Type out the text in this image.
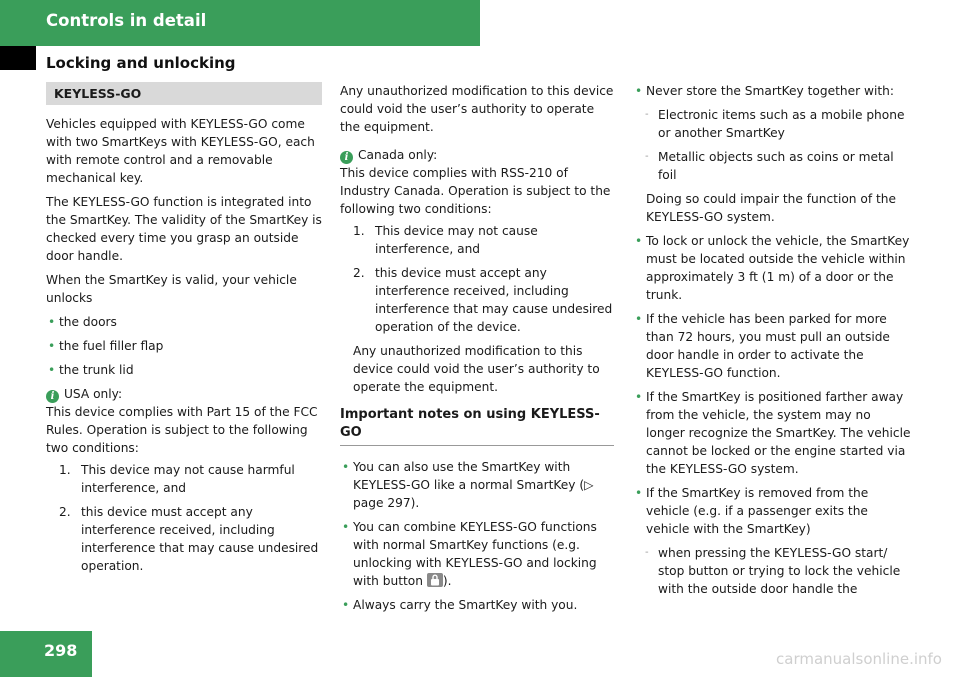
Controls in detail
Locking and unlocking
KEYLESS-GO

Vehicles equipped with KEYLESS-GO come with two SmartKeys with KEYLESS-GO, each with remote control and a removable mechanical key.

The KEYLESS-GO function is integrated into the SmartKey. The validity of the SmartKey is checked every time you grasp an outside door handle.

When the SmartKey is valid, your vehicle unlocks

• the doors
• the fuel filler flap
• the trunk lid
i USA only:
This device complies with Part 15 of the FCC Rules. Operation is subject to the following two conditions:
1. This device may not cause harmful interference, and
2. this device must accept any interference received, including interference that may cause undesired operation.

Any unauthorized modification to this device could void the user’s authority to operate the equipment.

i Canada only:
This device complies with RSS-210 of Industry Canada. Operation is subject to the following two conditions:
1. This device may not cause interference, and
2. this device must accept any interference received, including interference that may cause undesired operation of the device.

Any unauthorized modification to this device could void the user’s authority to operate the equipment.

Important notes on using KEYLESS-GO
• You can also use the SmartKey with KEYLESS-GO like a normal SmartKey (▷ page 297).
• You can combine KEYLESS-GO functions with normal SmartKey functions (e.g. unlocking with KEYLESS-GO and locking with button
).
• Always carry the SmartKey with you.
• Never store the SmartKey together with:
- Electronic items such as a mobile phone or another SmartKey
- Metallic objects such as coins or metal foil

Doing so could impair the function of the KEYLESS-GO system.

• To lock or unlock the vehicle, the SmartKey must be located outside the vehicle within approximately 3 ft (1 m) of a door or the trunk.
• If the vehicle has been parked for more than 72 hours, you must pull an outside door handle in order to activate the KEYLESS-GO function.
• If the SmartKey is positioned farther away from the vehicle, the system may no longer recognize the SmartKey. The vehicle cannot be locked or the engine started via the KEYLESS-GO system.
• If the SmartKey is removed from the vehicle (e.g. if a passenger exits the vehicle with the SmartKey)
- when pressing the KEYLESS-GO start/ stop button or trying to lock the vehicle with the outside door handle the
298	carmanualsonline.info
